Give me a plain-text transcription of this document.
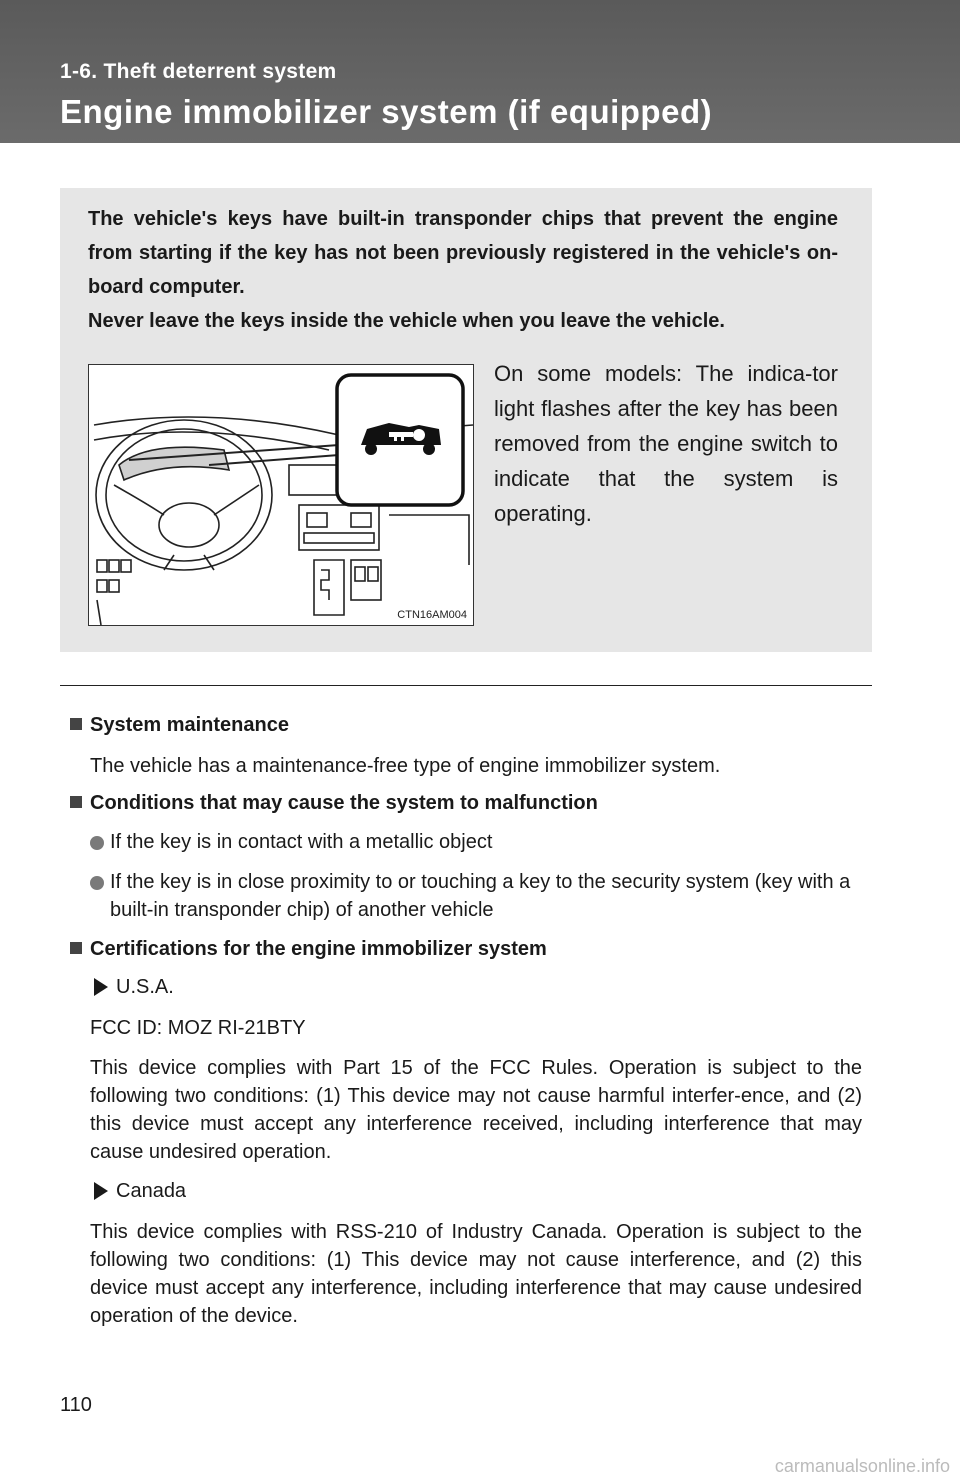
1-6. Theft deterrent system
Engine immobilizer system (if equipped)

The vehicle's keys have built-in transponder chips that prevent the engine from starting if the key has not been previously registered in the vehicle's on-board computer.

Never leave the keys inside the vehicle when you leave the vehicle.

CTN16AM004

On some models: The indica-tor light flashes after the key has been removed from the engine switch to indicate that the system is operating.

System maintenance
The vehicle has a maintenance-free type of engine immobilizer system.
Conditions that may cause the system to malfunction
If the key is in contact with a metallic object
If the key is in close proximity to or touching a key to the security system (key with a built-in transponder chip) of another vehicle
Certifications for the engine immobilizer system
U.S.A.
FCC ID: MOZ RI-21BTY
This device complies with Part 15 of the FCC Rules. Operation is subject to the following two conditions: (1) This device may not cause harmful interfer-ence, and (2) this device must accept any interference received, including interference that may cause undesired operation.
Canada
This device complies with RSS-210 of Industry Canada. Operation is subject to the following two conditions: (1) This device may not cause interference, and (2) this device must accept any interference, including interference that may cause undesired operation of the device.
110
carmanualsonline.info
